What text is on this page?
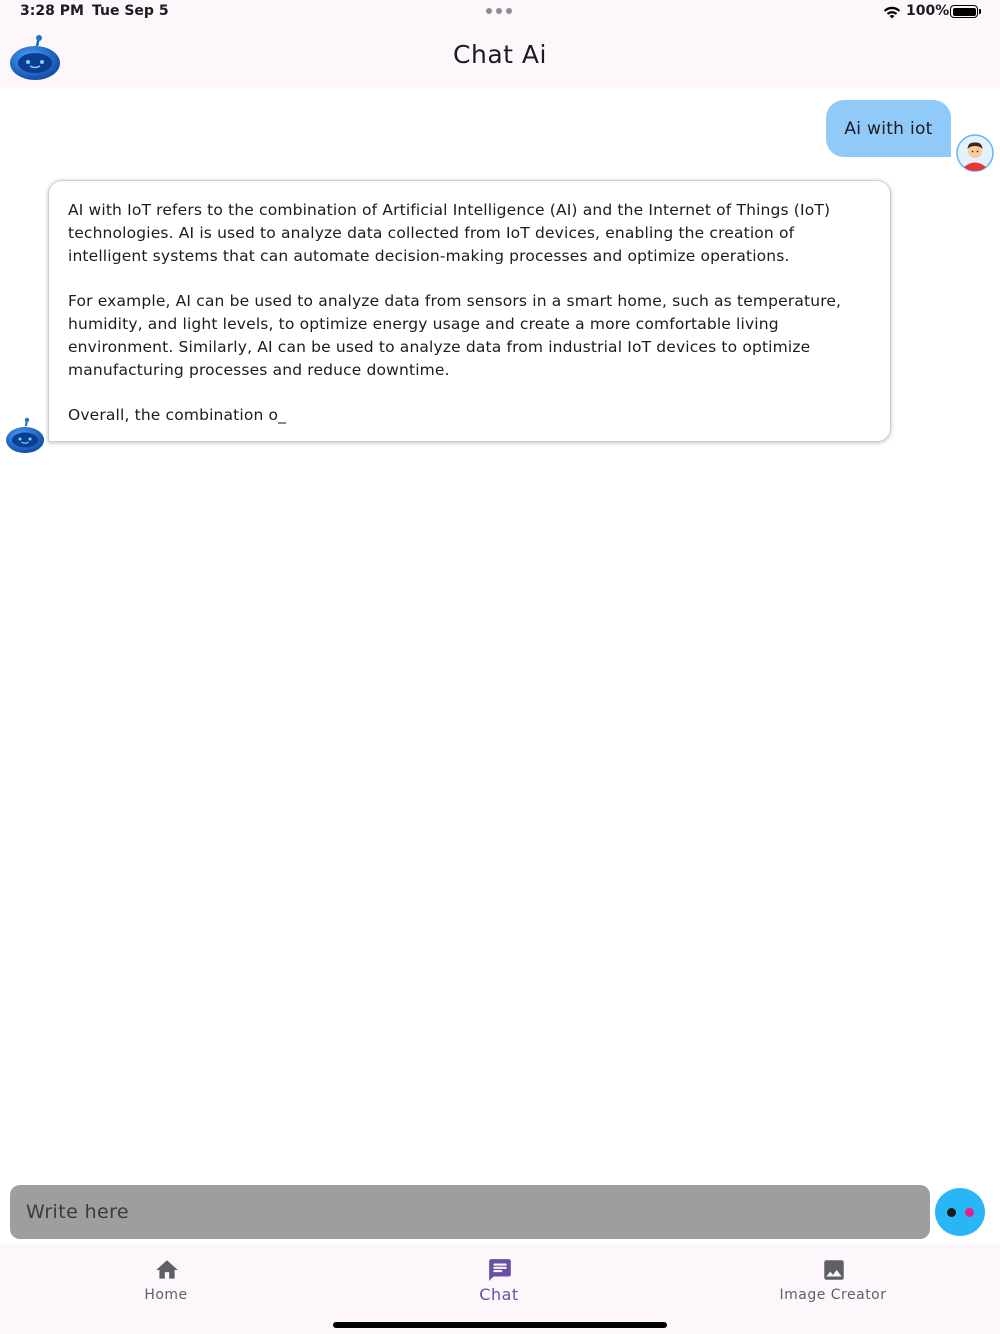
3:28 PM Tue Sep 5	100%
Chat Ai
Ai with iot

AI with IoT refers to the combination of Artificial Intelligence (AI) and the Internet of Things (IoT) technologies. AI is used to analyze data collected from IoT devices, enabling the creation of intelligent systems that can automate decision-making processes and optimize operations.

For example, AI can be used to analyze data from sensors in a smart home, such as temperature, humidity, and light levels, to optimize energy usage and create a more comfortable living environment. Similarly, AI can be used to analyze data from industrial IoT devices to optimize manufacturing processes and reduce downtime.

Overall, the combination o_

Write here
Home	Chat	Image Creator
